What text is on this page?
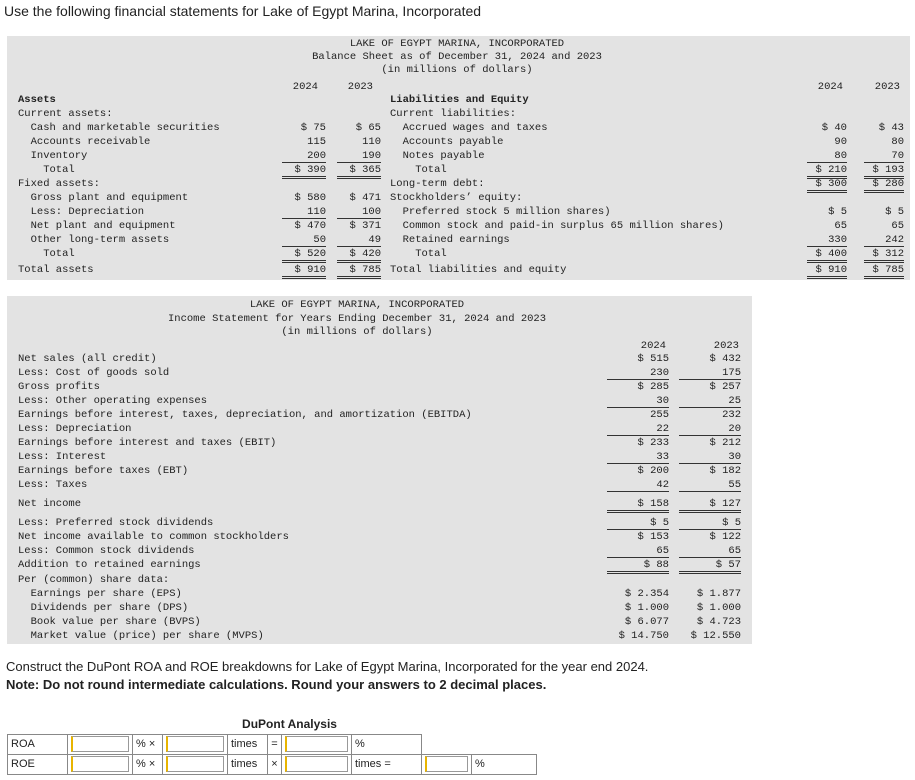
Use the following financial statements for Lake of Egypt Marina, Incorporated
LAKE OF EGYPT MARINA, INCORPORATED
Balance Sheet as of December 31, 2024 and 2023
(in millions of dollars)
2024	2023	2024	2023
Assets	Liabilities and Equity
Current assets:
Cash and marketable securities	$ 75	$ 65
Accounts receivable	115	110
Inventory	200	190
Total	$ 390	$ 365
Fixed assets:
Gross plant and equipment	$ 580	$ 471
Less: Depreciation	110	100
Net plant and equipment	$ 470	$ 371
Other long-term assets	50	49
Total	$ 520	$ 420
Total assets	$ 910	$ 785
Current liabilities:
Accrued wages and taxes	$ 40	$ 43
Accounts payable	90	80
Notes payable	80	70
Total	$ 210	$ 193
Long-term debt:	$ 300	$ 280
Stockholders’ equity:
Preferred stock 5 million shares)	$ 5	$ 5
Common stock and paid-in surplus 65 million shares)	65	65
Retained earnings	330	242
Total	$ 400	$ 312
Total liabilities and equity	$ 910	$ 785
LAKE OF EGYPT MARINA, INCORPORATED
Income Statement for Years Ending December 31, 2024 and 2023
(in millions of dollars)
2024	2023
Net sales (all credit)	$ 515	$ 432
Less: Cost of goods sold	230	175
Gross profits	$ 285	$ 257
Less: Other operating expenses	30	25
Earnings before interest, taxes, depreciation, and amortization (EBITDA)	255	232
Less: Depreciation	22	20
Earnings before interest and taxes (EBIT)	$ 233	$ 212
Less: Interest	33	30
Earnings before taxes (EBT)	$ 200	$ 182
Less: Taxes	42	55
Net income	$ 158	$ 127
Less: Preferred stock dividends	$ 5	$ 5
Net income available to common stockholders	$ 153	$ 122
Less: Common stock dividends	65	65
Addition to retained earnings	$ 88	$ 57
Per (common) share data:
Earnings per share (EPS)	$ 2.354	$ 1.877
Dividends per share (DPS)	$ 1.000	$ 1.000
Book value per share (BVPS)	$ 6.077	$ 4.723
Market value (price) per share (MVPS)	$ 14.750	$ 12.550
Construct the DuPont ROA and ROE breakdowns for Lake of Egypt Marina, Incorporated for the year end 2024.
Note: Do not round intermediate calculations. Round your answers to 2 decimal places.
				DuPont Analysis						
ROA		% ×		times	=		%			
ROE		% ×		times	×		times =		%	
